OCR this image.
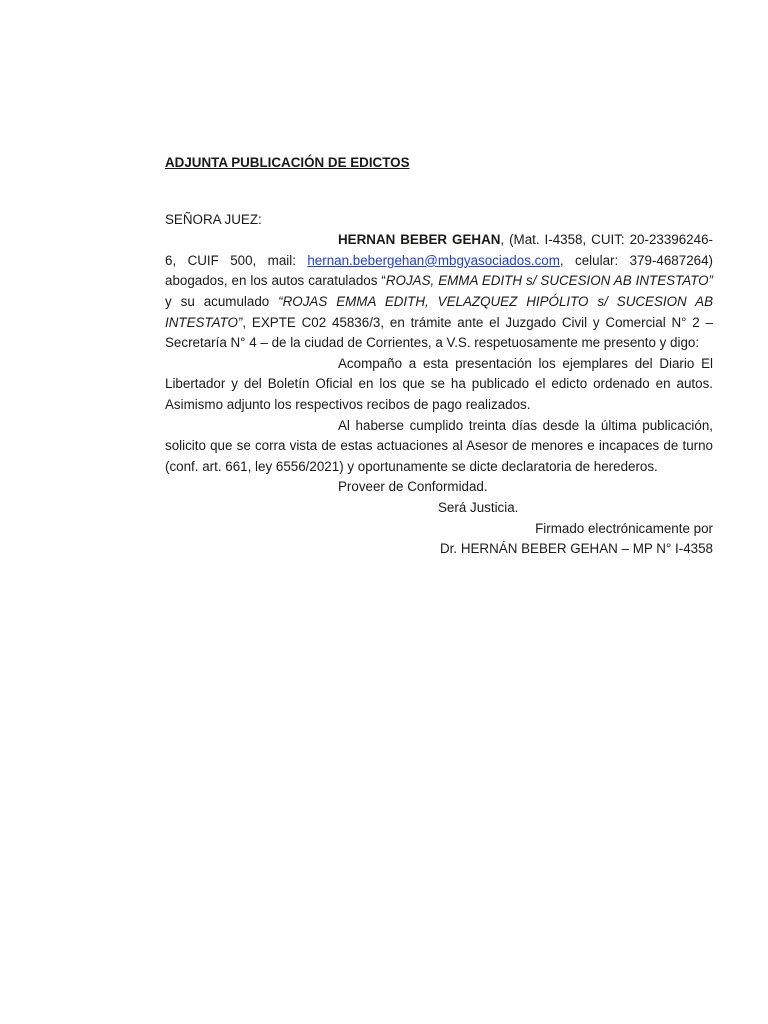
ADJUNTA PUBLICACIÓN DE EDICTOS

SEÑORA JUEZ:

HERNAN BEBER GEHAN, (Mat. I-4358, CUIT: 20-23396246-6, CUIF 500, mail: hernan.bebergehan@mbgyasociados.com, celular: 379-4687264) abogados, en los autos caratulados “ROJAS, EMMA EDITH s/ SUCESION AB INTESTATO” y su acumulado “ROJAS EMMA EDITH, VELAZQUEZ HIPÓLITO s/ SUCESION AB INTESTATO”, EXPTE C02 45836/3, en trámite ante el Juzgado Civil y Comercial N° 2 – Secretaría N° 4 – de la ciudad de Corrientes, a V.S. respetuosamente me presento y digo:

Acompaño a esta presentación los ejemplares del Diario El Libertador y del Boletín Oficial en los que se ha publicado el edicto ordenado en autos. Asimismo adjunto los respectivos recibos de pago realizados.

Al haberse cumplido treinta días desde la última publicación, solicito que se corra vista de estas actuaciones al Asesor de menores e incapaces de turno (conf. art. 661, ley 6556/2021) y oportunamente se dicte declaratoria de herederos.

Proveer de Conformidad.

Será Justicia.

Firmado electrónicamente por

Dr. HERNÁN BEBER GEHAN – MP N° I-4358
